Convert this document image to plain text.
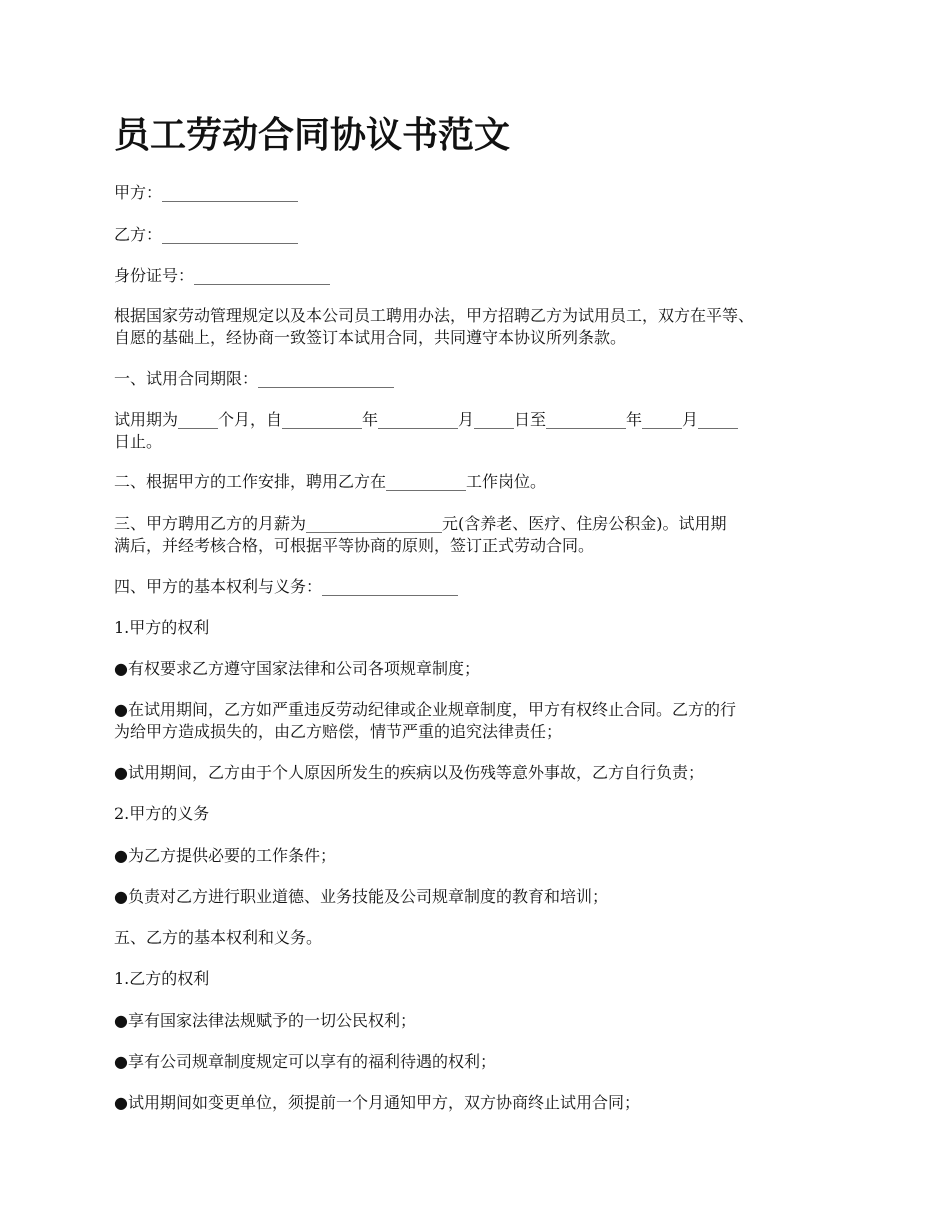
员工劳动合同协议书范文

甲方：_________________

乙方：_________________

身份证号：_________________

根据国家劳动管理规定以及本公司员工聘用办法，甲方招聘乙方为试用员工，双方在平等、
自愿的基础上，经协商一致签订本试用合同，共同遵守本协议所列条款。

一、试用合同期限：_________________

试用期为_____个月，自__________年__________月_____日至__________年_____月_____
日止。

二、根据甲方的工作安排，聘用乙方在__________工作岗位。

三、甲方聘用乙方的月薪为_________________元(含养老、医疗、住房公积金)。试用期
满后，并经考核合格，可根据平等协商的原则，签订正式劳动合同。

四、甲方的基本权利与义务：_________________

1.甲方的权利

●有权要求乙方遵守国家法律和公司各项规章制度；

●在试用期间，乙方如严重违反劳动纪律或企业规章制度，甲方有权终止合同。乙方的行
为给甲方造成损失的，由乙方赔偿，情节严重的追究法律责任；

●试用期间，乙方由于个人原因所发生的疾病以及伤残等意外事故，乙方自行负责；

2.甲方的义务

●为乙方提供必要的工作条件；

●负责对乙方进行职业道德、业务技能及公司规章制度的教育和培训；

五、乙方的基本权利和义务。

1.乙方的权利

●享有国家法律法规赋予的一切公民权利；

●享有公司规章制度规定可以享有的福利待遇的权利；

●试用期间如变更单位，须提前一个月通知甲方，双方协商终止试用合同；
